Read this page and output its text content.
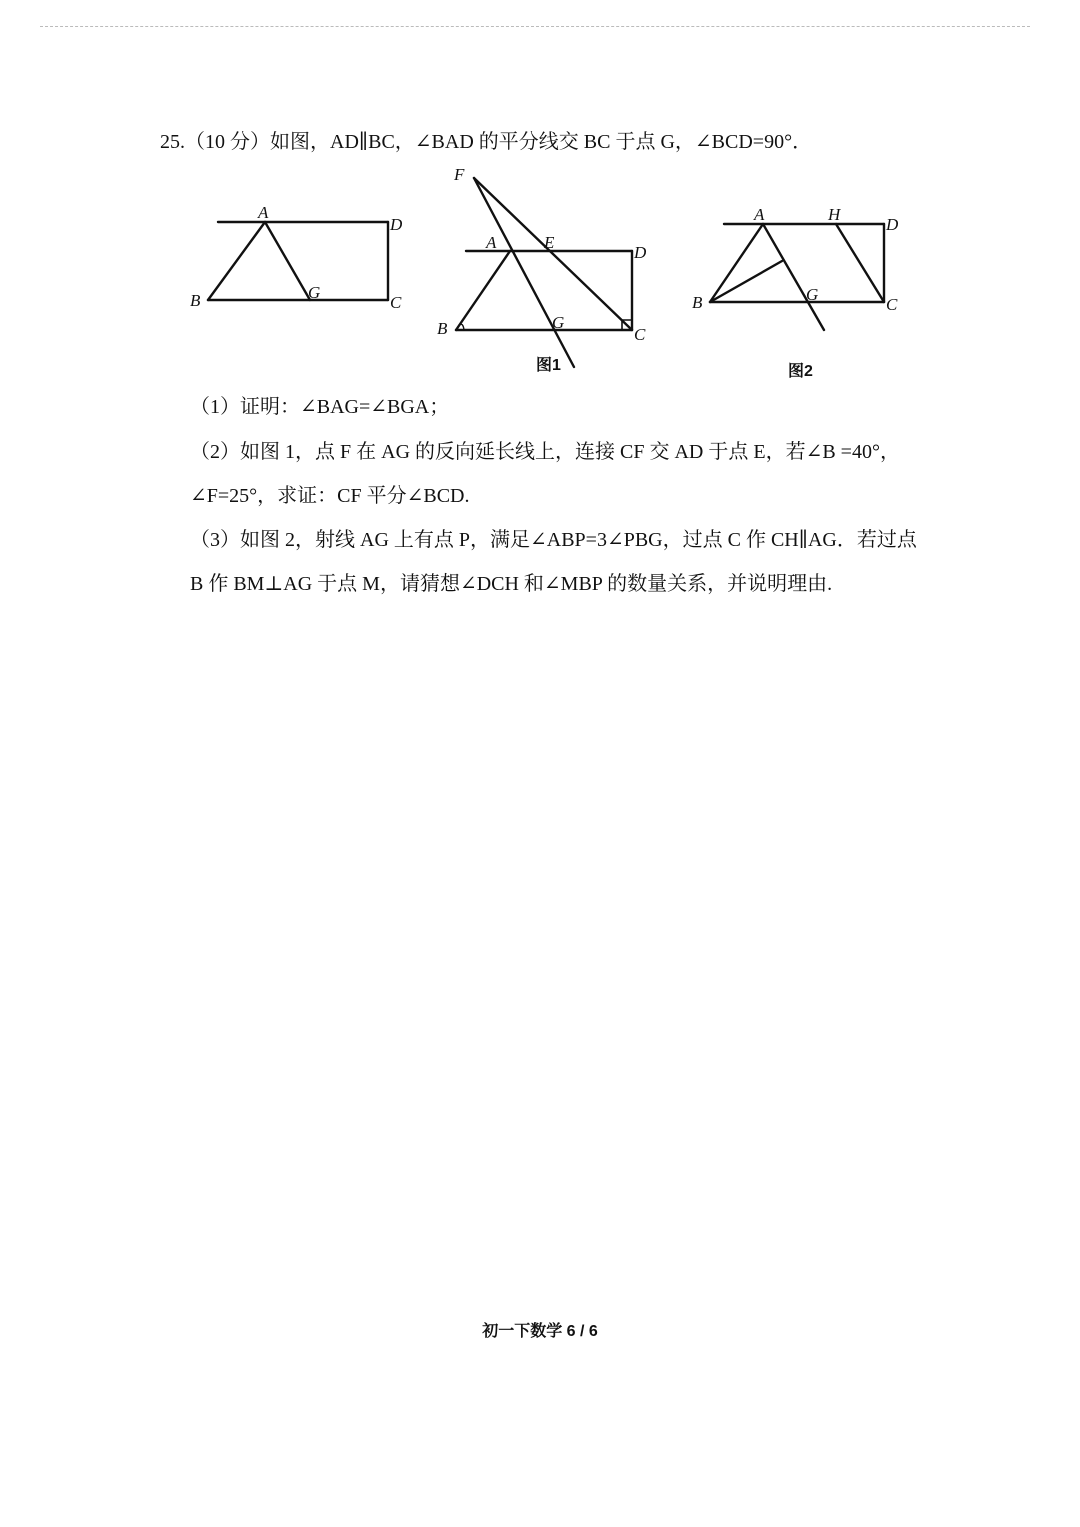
25.（10 分）如图，AD∥BC，∠BAD 的平分线交 BC 于点 G，∠BCD=90°．

A
B	C
D
G
F
A	E
D
B	C
G
图1
A	H
D
B	C
G
图2

（1）证明：∠BAG=∠BGA；

（2）如图 1，点 F 在 AG 的反向延长线上，连接 CF 交 AD 于点 E，若∠B =40°，∠F=25°，求证：CF 平分∠BCD.

（3）如图 2，射线 AG 上有点 P，满足∠ABP=3∠PBG，过点 C 作 CH∥AG．若过点 B 作 BM⊥AG 于点 M，请猜想∠DCH 和∠MBP 的数量关系，并说明理由.

初一下数学 6 / 6
